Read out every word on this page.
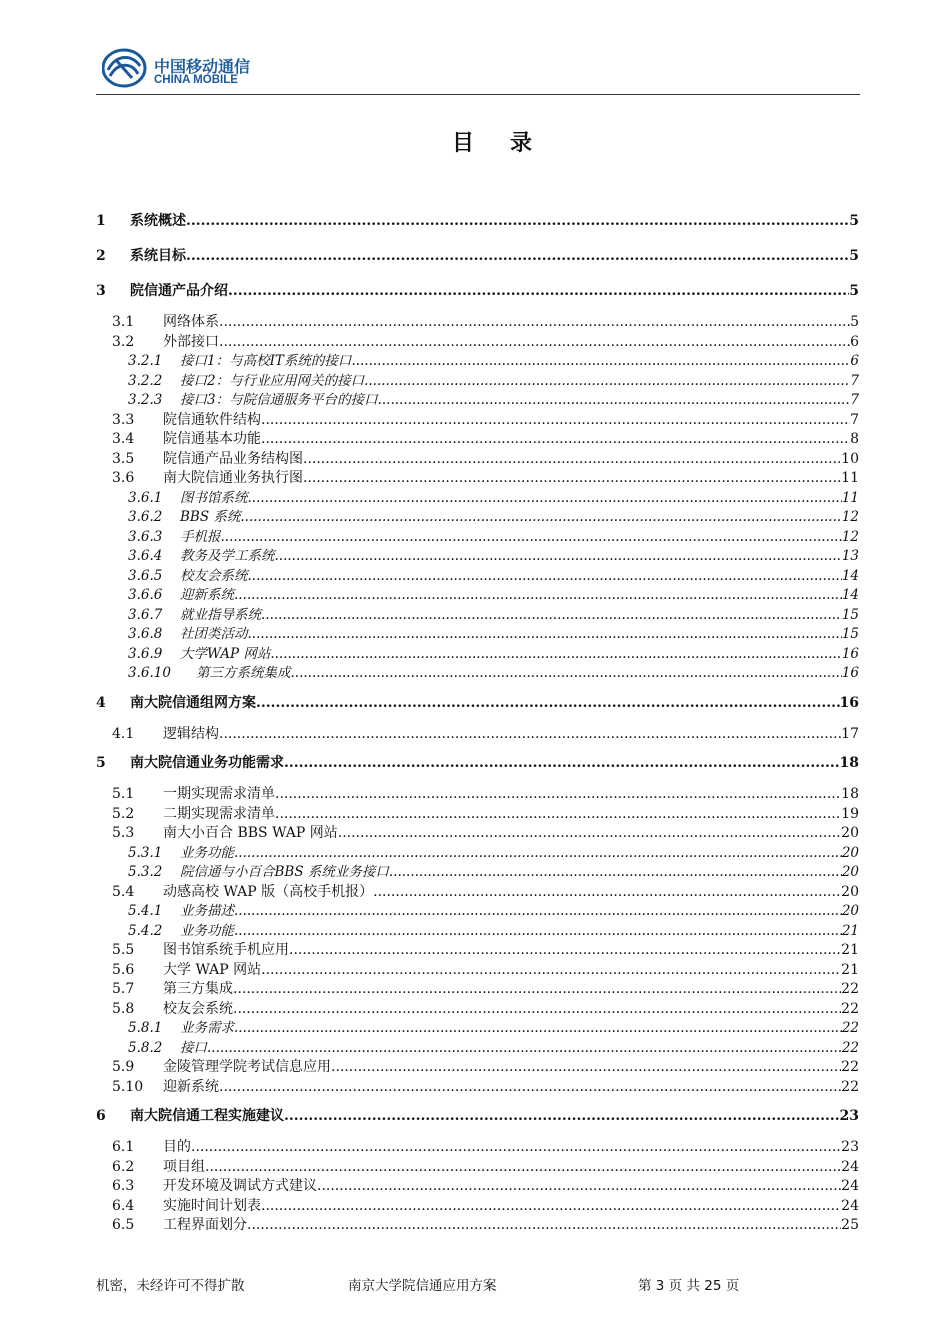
中国移动通信
CHINA MOBILE
目录
1	系统概述 .....	5
2	系统目标 .....	5
3	院信通产品介绍 .....	5
3.1	网络体系 .....	5
3.2	外部接口 .....	6
3.2.1	接口1：与高校IT系统的接口 .....	6
3.2.2	接口2：与行业应用网关的接口 .....	7
3.2.3	接口3：与院信通服务平台的接口 .....	7
3.3	院信通软件结构 .....	7
3.4	院信通基本功能 .....	8
3.5	院信通产品业务结构图 .....	10
3.6	南大院信通业务执行图 .....	11
3.6.1	图书馆系统 .....	11
3.6.2	BBS 系统 .....	12
3.6.3	手机报 .....	12
3.6.4	教务及学工系统 .....	13
3.6.5	校友会系统 .....	14
3.6.6	迎新系统 .....	14
3.6.7	就业指导系统 .....	15
3.6.8	社团类活动 .....	15
3.6.9	大学WAP 网站 .....	16
3.6.10	第三方系统集成 .....	16
4	南大院信通组网方案 .....	16
4.1	逻辑结构 .....	17
5	南大院信通业务功能需求 .....	18
5.1	一期实现需求清单 .....	18
5.2	二期实现需求清单 .....	19
5.3	南大小百合 BBS WAP 网站 .....	20
5.3.1	业务功能 .....	20
5.3.2	院信通与小百合BBS 系统业务接口 .....	20
5.4	动感高校 WAP 版（高校手机报） .....	20
5.4.1	业务描述 .....	20
5.4.2	业务功能 .....	21
5.5	图书馆系统手机应用 .....	21
5.6	大学 WAP 网站 .....	21
5.7	第三方集成 .....	22
5.8	校友会系统 .....	22
5.8.1	业务需求 .....	22
5.8.2	接口 .....	22
5.9	金陵管理学院考试信息应用 .....	22
5.10	迎新系统 .....	22
6	南大院信通工程实施建议 .....	23
6.1	目的 .....	23
6.2	项目组 .....	24
6.3	开发环境及调试方式建议 .....	24
6.4	实施时间计划表 .....	24
6.5	工程界面划分 .....	25
机密，未经许可不得扩散	南京大学院信通应用方案	第 3 页 共 25 页
